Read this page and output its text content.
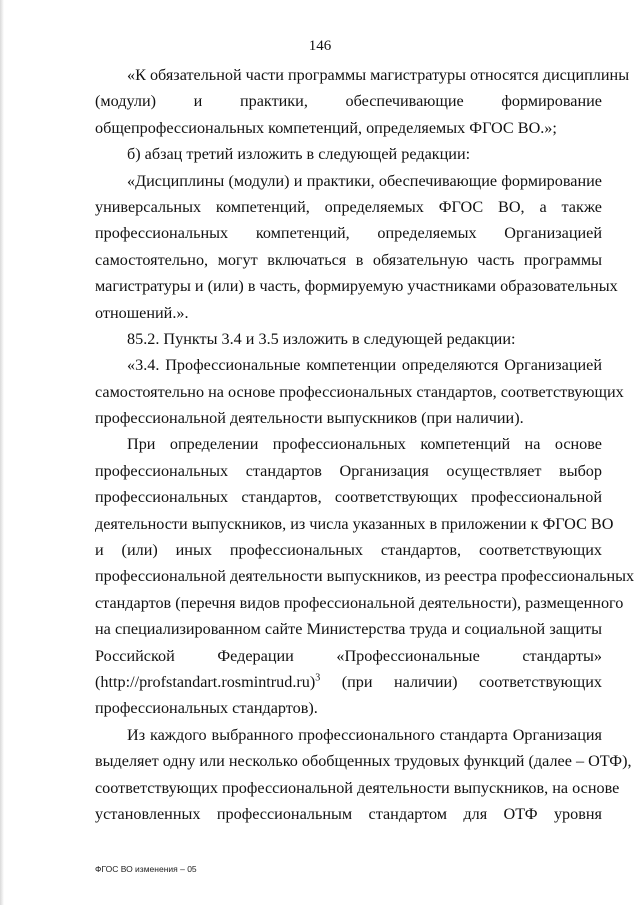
146
«К обязательной части программы магистратуры относятся дисциплины
(модули) и практики, обеспечивающие формирование
общепрофессиональных компетенций, определяемых ФГОС ВО.»;
б) абзац третий изложить в следующей редакции:
«Дисциплины (модули) и практики, обеспечивающие формирование
универсальных компетенций, определяемых ФГОС ВО, а также
профессиональных компетенций, определяемых Организацией
самостоятельно, могут включаться в обязательную часть программы
магистратуры и (или) в часть, формируемую участниками образовательных
отношений.».
85.2. Пункты 3.4 и 3.5 изложить в следующей редакции:
«3.4. Профессиональные компетенции определяются Организацией
самостоятельно на основе профессиональных стандартов, соответствующих
профессиональной деятельности выпускников (при наличии).
При определении профессиональных компетенций на основе
профессиональных стандартов Организация осуществляет выбор
профессиональных стандартов, соответствующих профессиональной
деятельности выпускников, из числа указанных в приложении к ФГОС ВО
и (или) иных профессиональных стандартов, соответствующих
профессиональной деятельности выпускников, из реестра профессиональных
стандартов (перечня видов профессиональной деятельности), размещенного
на специализированном сайте Министерства труда и социальной защиты
Российской Федерации «Профессиональные стандарты»
(http://profstandart.rosmintrud.ru)$^3$ (при наличии) соответствующих
профессиональных стандартов).
Из каждого выбранного профессионального стандарта Организация
выделяет одну или несколько обобщенных трудовых функций (далее – ОТФ),
соответствующих профессиональной деятельности выпускников, на основе
установленных профессиональным стандартом для ОТФ уровня
ФГОС ВО изменения – 05
